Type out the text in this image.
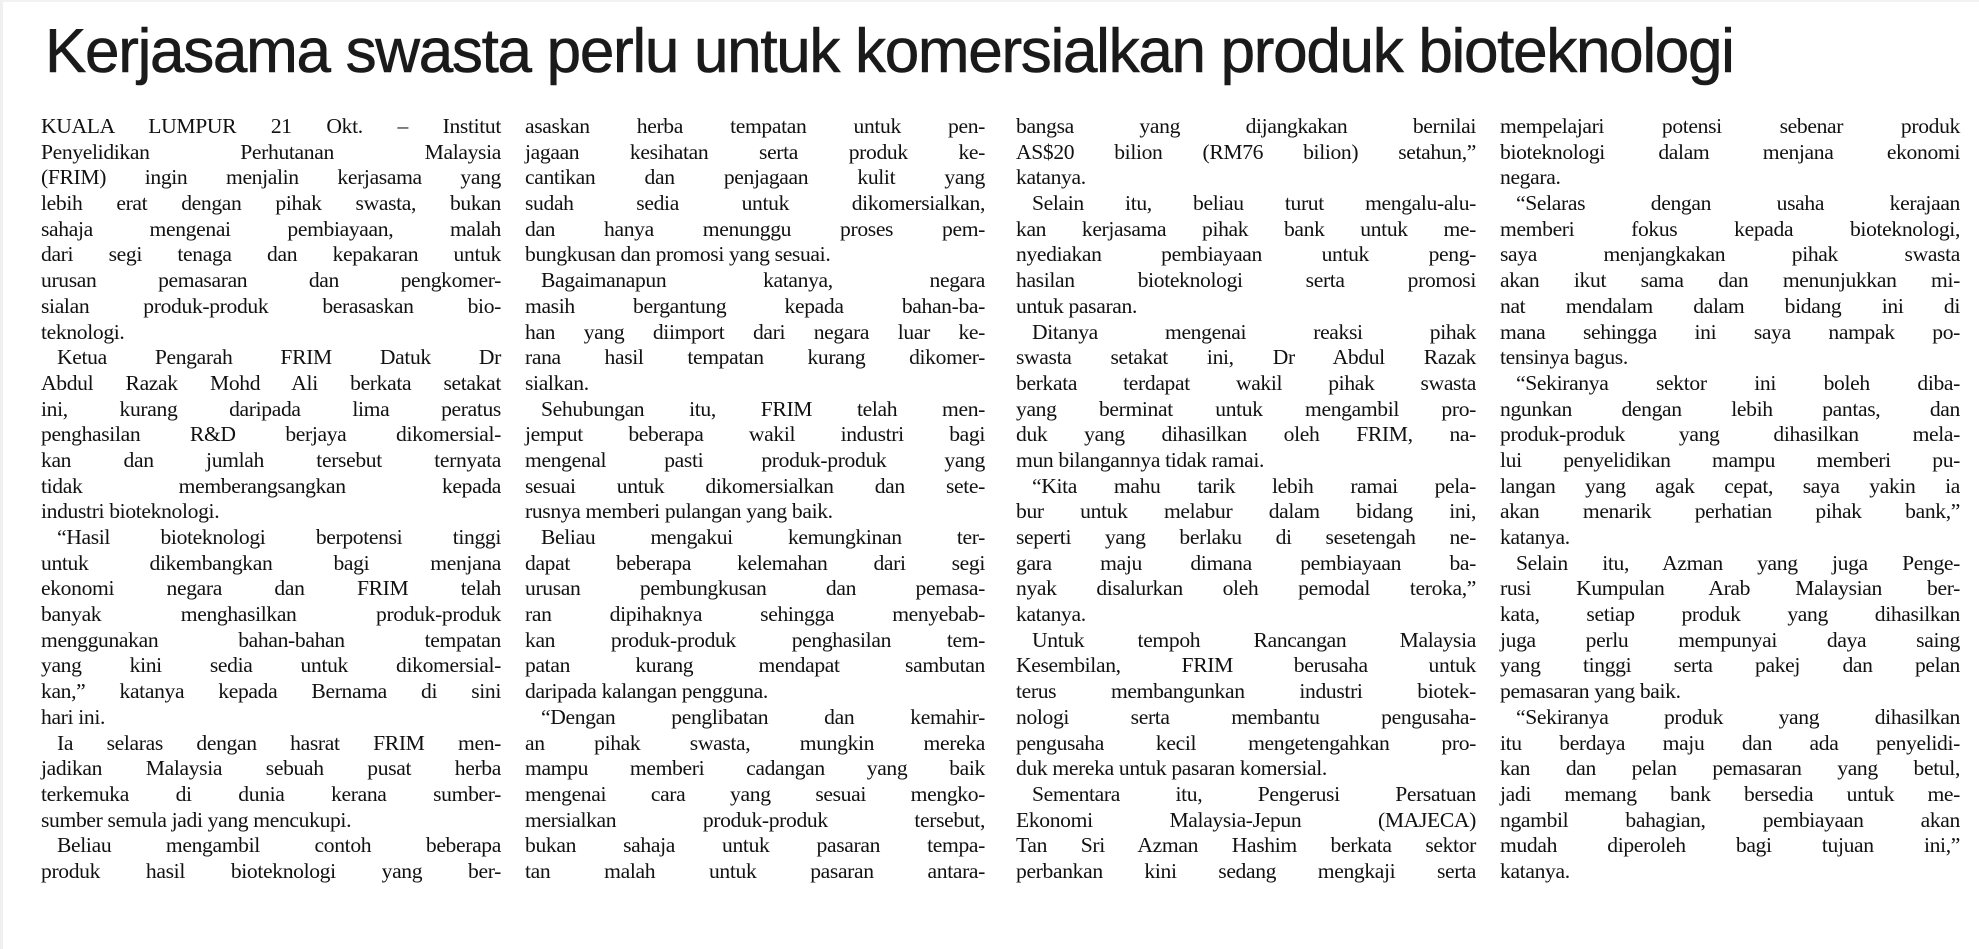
Kerjasama swasta perlu untuk komersialkan produk bioteknologi
KUALA LUMPUR 21 Okt. – Institut
Penyelidikan Perhutanan Malaysia
(FRIM) ingin menjalin kerjasama yang
lebih erat dengan pihak swasta, bukan
sahaja mengenai pembiayaan, malah
dari segi tenaga dan kepakaran untuk
urusan pemasaran dan pengkomer-
sialan produk-produk berasaskan bio-
teknologi.
Ketua Pengarah FRIM Datuk Dr
Abdul Razak Mohd Ali berkata setakat
ini, kurang daripada lima peratus
penghasilan R&D berjaya dikomersial-
kan dan jumlah tersebut ternyata
tidak memberangsangkan kepada
industri bioteknologi.
“Hasil bioteknologi berpotensi tinggi
untuk dikembangkan bagi menjana
ekonomi negara dan FRIM telah
banyak menghasilkan produk-produk
menggunakan bahan-bahan tempatan
yang kini sedia untuk dikomersial-
kan,” katanya kepada Bernama di sini
hari ini.
Ia selaras dengan hasrat FRIM men-
jadikan Malaysia sebuah pusat herba
terkemuka di dunia kerana sumber-
sumber semula jadi yang mencukupi.
Beliau mengambil contoh beberapa
produk hasil bioteknologi yang ber-
asaskan herba tempatan untuk pen-
jagaan kesihatan serta produk ke-
cantikan dan penjagaan kulit yang
sudah sedia untuk dikomersialkan,
dan hanya menunggu proses pem-
bungkusan dan promosi yang sesuai.
Bagaimanapun katanya, negara
masih bergantung kepada bahan-ba-
han yang diimport dari negara luar ke-
rana hasil tempatan kurang dikomer-
sialkan.
Sehubungan itu, FRIM telah men-
jemput beberapa wakil industri bagi
mengenal pasti produk-produk yang
sesuai untuk dikomersialkan dan sete-
rusnya memberi pulangan yang baik.
Beliau mengakui kemungkinan ter-
dapat beberapa kelemahan dari segi
urusan pembungkusan dan pemasa-
ran dipihaknya sehingga menyebab-
kan produk-produk penghasilan tem-
patan kurang mendapat sambutan
daripada kalangan pengguna.
“Dengan penglibatan dan kemahir-
an pihak swasta, mungkin mereka
mampu memberi cadangan yang baik
mengenai cara yang sesuai mengko-
mersialkan produk-produk tersebut,
bukan sahaja untuk pasaran tempa-
tan malah untuk pasaran antara-
bangsa yang dijangkakan bernilai
AS$20 bilion (RM76 bilion) setahun,”
katanya.
Selain itu, beliau turut mengalu-alu-
kan kerjasama pihak bank untuk me-
nyediakan pembiayaan untuk peng-
hasilan bioteknologi serta promosi
untuk pasaran.
Ditanya mengenai reaksi pihak
swasta setakat ini, Dr Abdul Razak
berkata terdapat wakil pihak swasta
yang berminat untuk mengambil pro-
duk yang dihasilkan oleh FRIM, na-
mun bilangannya tidak ramai.
“Kita mahu tarik lebih ramai pela-
bur untuk melabur dalam bidang ini,
seperti yang berlaku di sesetengah ne-
gara maju dimana pembiayaan ba-
nyak disalurkan oleh pemodal teroka,”
katanya.
Untuk tempoh Rancangan Malaysia
Kesembilan, FRIM berusaha untuk
terus membangunkan industri biotek-
nologi serta membantu pengusaha-
pengusaha kecil mengetengahkan pro-
duk mereka untuk pasaran komersial.
Sementara itu, Pengerusi Persatuan
Ekonomi Malaysia-Jepun (MAJECA)
Tan Sri Azman Hashim berkata sektor
perbankan kini sedang mengkaji serta
mempelajari potensi sebenar produk
bioteknologi dalam menjana ekonomi
negara.
“Selaras dengan usaha kerajaan
memberi fokus kepada bioteknologi,
saya menjangkakan pihak swasta
akan ikut sama dan menunjukkan mi-
nat mendalam dalam bidang ini di
mana sehingga ini saya nampak po-
tensinya bagus.
“Sekiranya sektor ini boleh diba-
ngunkan dengan lebih pantas, dan
produk-produk yang dihasilkan mela-
lui penyelidikan mampu memberi pu-
langan yang agak cepat, saya yakin ia
akan menarik perhatian pihak bank,”
katanya.
Selain itu, Azman yang juga Penge-
rusi Kumpulan Arab Malaysian ber-
kata, setiap produk yang dihasilkan
juga perlu mempunyai daya saing
yang tinggi serta pakej dan pelan
pemasaran yang baik.
“Sekiranya produk yang dihasilkan
itu berdaya maju dan ada penyelidi-
kan dan pelan pemasaran yang betul,
jadi memang bank bersedia untuk me-
ngambil bahagian, pembiayaan akan
mudah diperoleh bagi tujuan ini,”
katanya.
